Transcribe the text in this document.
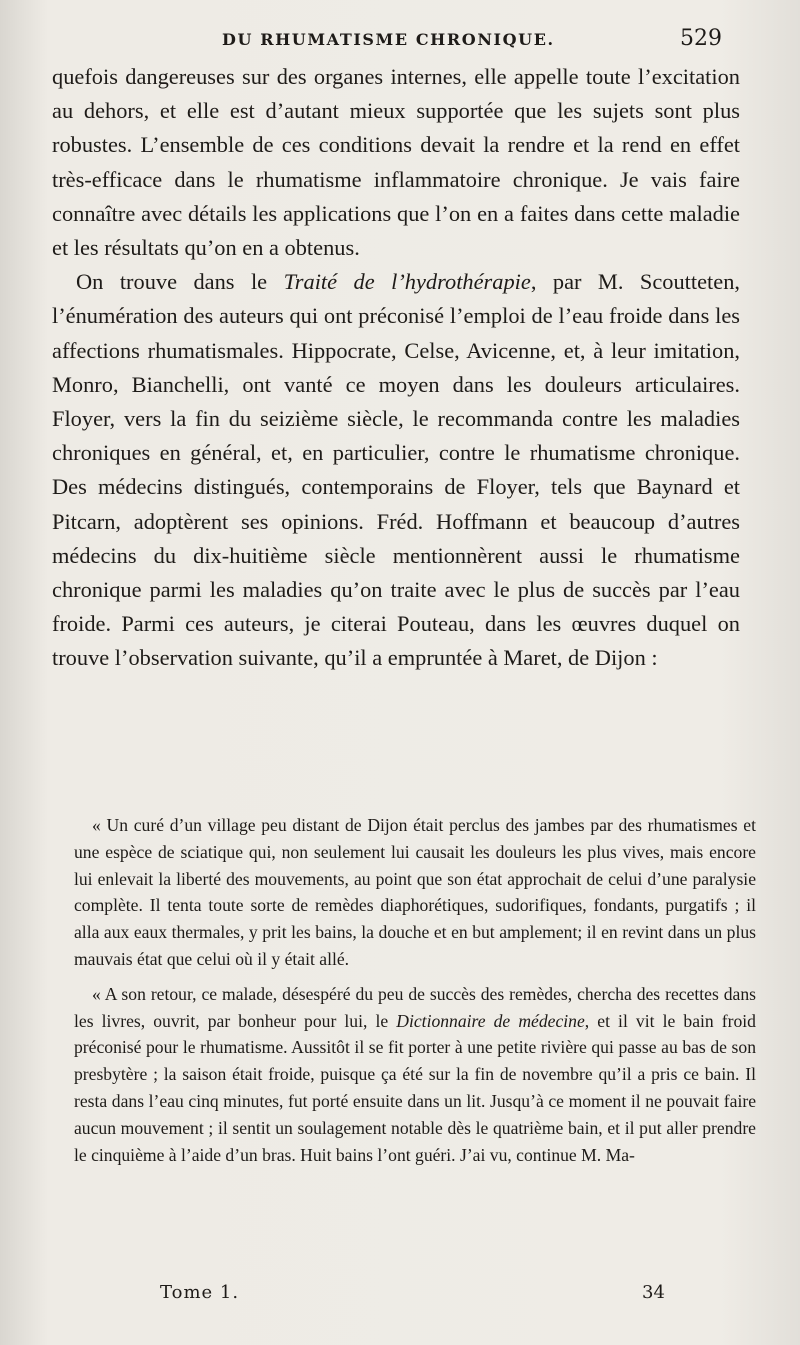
DU RHUMATISME CHRONIQUE.	529

quefois dangereuses sur des organes internes, elle appelle toute l’excitation au dehors, et elle est d’autant mieux supportée que les sujets sont plus robustes. L’ensemble de ces conditions devait la rendre et la rend en effet très-efficace dans le rhumatisme inflammatoire chronique. Je vais faire connaître avec détails les applications que l’on en a faites dans cette maladie et les résultats qu’on en a obtenus.

On trouve dans le Traité de l’hydrothérapie, par M. Scoutteten, l’énumération des auteurs qui ont préconisé l’emploi de l’eau froide dans les affections rhumatismales. Hippocrate, Celse, Avicenne, et, à leur imitation, Monro, Bianchelli, ont vanté ce moyen dans les douleurs articulaires. Floyer, vers la fin du seizième siècle, le recommanda contre les maladies chroniques en général, et, en particulier, contre le rhumatisme chronique. Des médecins distingués, contemporains de Floyer, tels que Baynard et Pitcarn, adoptèrent ses opinions. Fréd. Hoffmann et beaucoup d’autres médecins du dix-huitième siècle mentionnèrent aussi le rhumatisme chronique parmi les maladies qu’on traite avec le plus de succès par l’eau froide. Parmi ces auteurs, je citerai Pouteau, dans les œuvres duquel on trouve l’observation suivante, qu’il a empruntée à Maret, de Dijon :

« Un curé d’un village peu distant de Dijon était perclus des jambes par des rhumatismes et une espèce de sciatique qui, non seulement lui causait les douleurs les plus vives, mais encore lui enlevait la liberté des mouvements, au point que son état approchait de celui d’une paralysie complète. Il tenta toute sorte de remèdes diaphorétiques, sudorifiques, fondants, purgatifs ; il alla aux eaux thermales, y prit les bains, la douche et en but amplement; il en revint dans un plus mauvais état que celui où il y était allé.

« A son retour, ce malade, désespéré du peu de succès des remèdes, chercha des recettes dans les livres, ouvrit, par bonheur pour lui, le Dictionnaire de médecine, et il vit le bain froid préconisé pour le rhumatisme. Aussitôt il se fit porter à une petite rivière qui passe au bas de son presbytère ; la saison était froide, puisque ça été sur la fin de novembre qu’il a pris ce bain. Il resta dans l’eau cinq minutes, fut porté ensuite dans un lit. Jusqu’à ce moment il ne pouvait faire aucun mouvement ; il sentit un soulagement notable dès le quatrième bain, et il put aller prendre le cinquième à l’aide d’un bras. Huit bains l’ont guéri. J’ai vu, continue M. Ma-

Tome 1.	34
